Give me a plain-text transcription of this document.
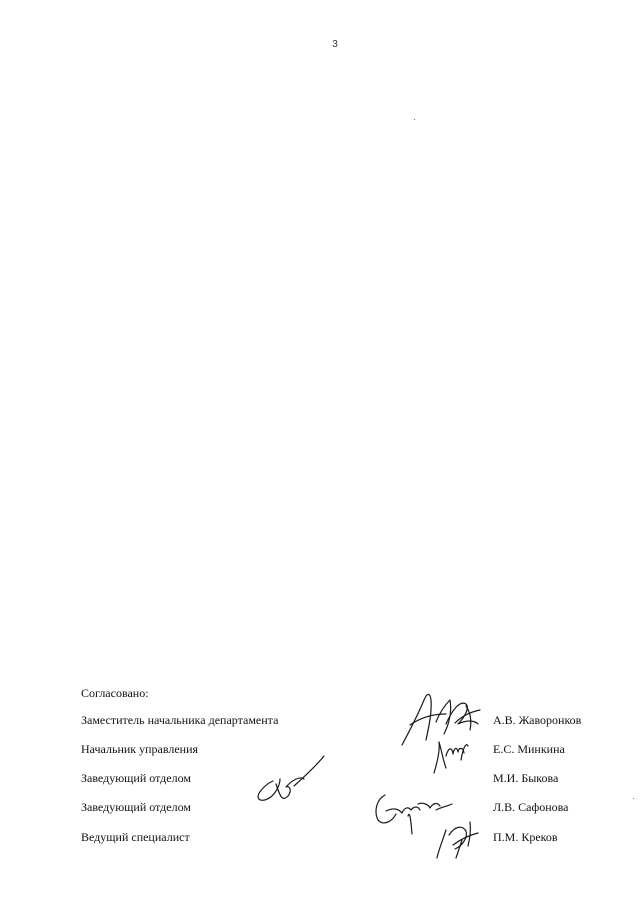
3
Согласовано:
Заместитель начальника департамента	А.В. Жаворонков
Начальник управления	Е.С. Минкина
Заведующий отделом	М.И. Быкова
Заведующий отделом	Л.В. Сафонова
Ведущий специалист	П.М. Креков
